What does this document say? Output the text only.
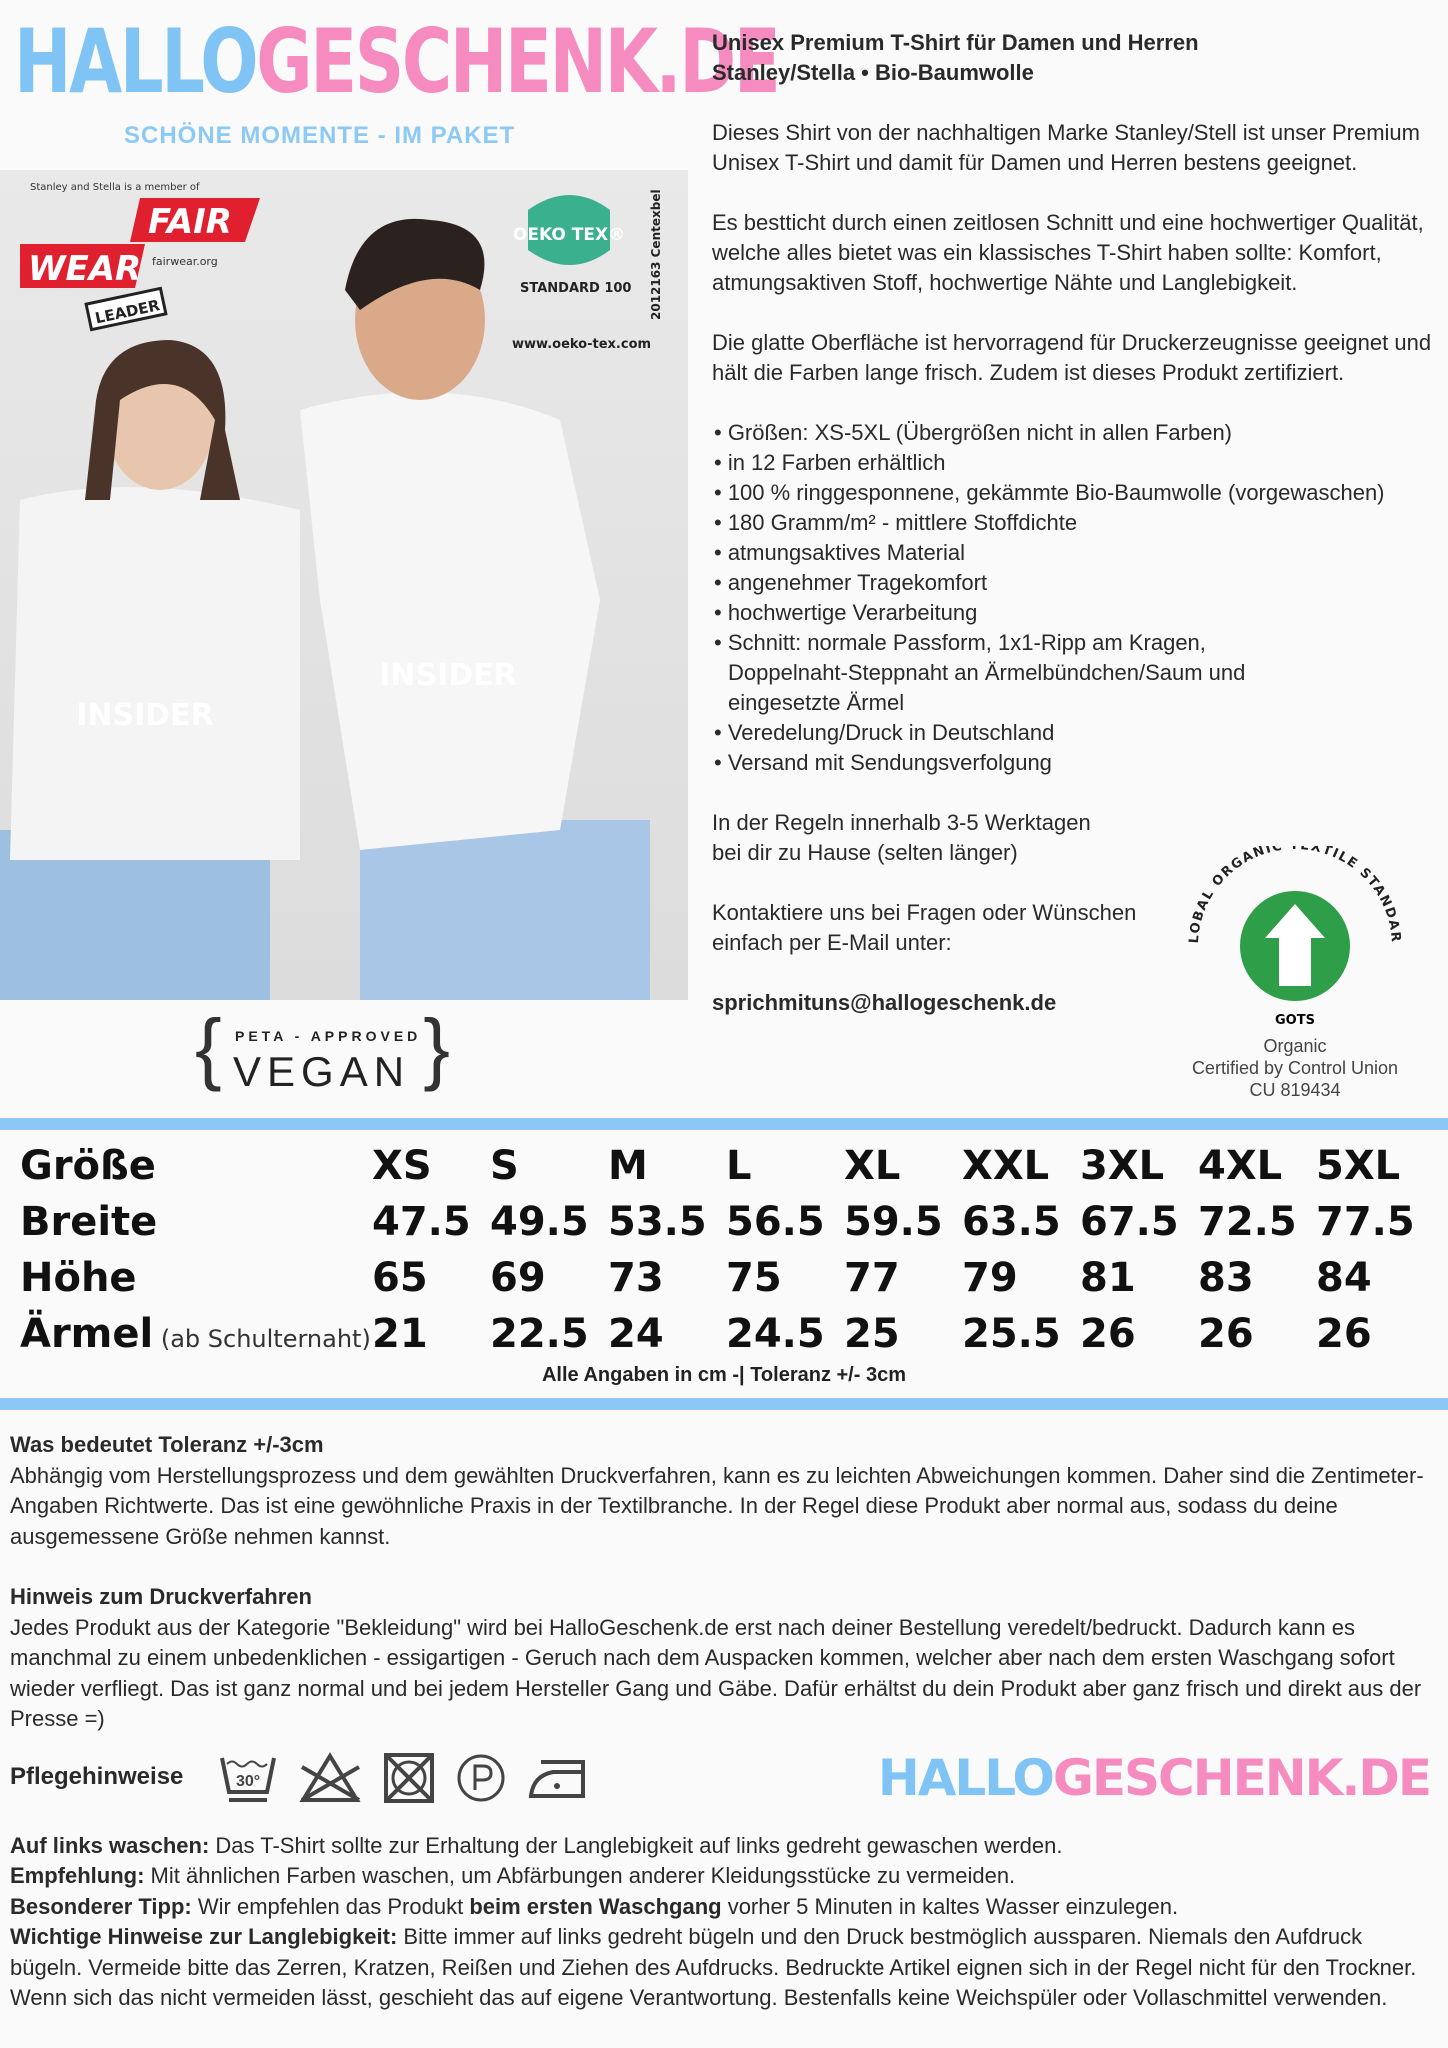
HALLOGESCHENK.DE
SCHÖNE MOMENTE - IM PAKET
INSIDER
INSIDER
Stanley and Stella is a member of
FAIR
WEAR fairwear.org
LEADER
OEKO TEX®
STANDARD 100 2012163 Centexbel
www.oeko-tex.com
{	}
PETA - APPROVED
VEGAN
Unisex Premium T-Shirt für Damen und Herren
Stanley/Stella • Bio-Baumwolle

Dieses Shirt von der nachhaltigen Marke Stanley/Stell ist unser Premium Unisex T-Shirt und damit für Damen und Herren bestens geeignet.

Es bestticht durch einen zeitlosen Schnitt und eine hochwertiger Qualität, welche alles bietet was ein klassisches T-Shirt haben sollte: Komfort, atmungsaktiven Stoff, hochwertige Nähte und Langlebigkeit.

Die glatte Oberfläche ist hervorragend für Druckerzeugnisse geeignet und hält die Farben lange frisch. Zudem ist dieses Produkt zertifiziert.

• Größen: XS-5XL (Übergrößen nicht in allen Farben)
• in 12 Farben erhältlich
• 100 % ringgesponnene, gekämmte Bio-Baumwolle (vorgewaschen)
• 180 Gramm/m² - mittlere Stoffdichte
• atmungsaktives Material
• angenehmer Tragekomfort
• hochwertige Verarbeitung
• Schnitt: normale Passform, 1x1-Ripp am Kragen, Doppelnaht-Steppnaht an Ärmelbündchen/Saum und eingesetzte Ärmel
• Veredelung/Druck in Deutschland
• Versand mit Sendungsverfolgung
In der Regeln innerhalb 3-5 Werktagen
bei dir zu Hause (selten länger)
Kontaktiere uns bei Fragen oder Wünschen
einfach per E-Mail unter:
sprichmituns@hallogeschenk.de
LOBAL ORGANIC EXTILE STANDAR
GOTS
Organic
Certified by Control Union
CU 819434
Größe	XS	S	M	L	XL	XXL 3XL 4XL 5XL
Breite	47.5 49.5 53.5 56.5 59.5 63.5 67.5 72.5 77.5
Höhe	65	69	73	75	77	79	81	83	84
Ärmel (ab Schulternaht) 21	22.5 24	24.5 25	25.5 26	26	26
Alle Angaben in cm -| Toleranz +/- 3cm
Was bedeutet Toleranz +/-3cm
Abhängig vom Herstellungsprozess und dem gewählten Druckverfahren, kann es zu leichten Abweichungen kommen. Daher sind die Zentimeter-Angaben Richtwerte. Das ist eine gewöhnliche Praxis in der Textilbranche. In der Regel diese Produkt aber normal aus, sodass du deine ausgemessene Größe nehmen kannst.
Hinweis zum Druckverfahren
Jedes Produkt aus der Kategorie "Bekleidung" wird bei HalloGeschenk.de erst nach deiner Bestellung veredelt/bedruckt. Dadurch kann es manchmal zu einem unbedenklichen - essigartigen - Geruch nach dem Auspacken kommen, welcher aber nach dem ersten Waschgang sofort wieder verfliegt. Das ist ganz normal und bei jedem Hersteller Gang und Gäbe. Dafür erhältst du dein Produkt aber ganz frisch und direkt aus der Presse =)
Pflegehinweise	30°	HALLOGESCHENK.DE
Auf links waschen: Das T-Shirt sollte zur Erhaltung der Langlebigkeit auf links gedreht gewaschen werden.
Empfehlung: Mit ähnlichen Farben waschen, um Abfärbungen anderer Kleidungsstücke zu vermeiden.
Besonderer Tipp: Wir empfehlen das Produkt beim ersten Waschgang vorher 5 Minuten in kaltes Wasser einzulegen.
Wichtige Hinweise zur Langlebigkeit: Bitte immer auf links gedreht bügeln und den Druck bestmöglich aussparen. Niemals den Aufdruck bügeln. Vermeide bitte das Zerren, Kratzen, Reißen und Ziehen des Aufdrucks. Bedruckte Artikel eignen sich in der Regel nicht für den Trockner. Wenn sich das nicht vermeiden lässt, geschieht das auf eigene Verantwortung. Bestenfalls keine Weichspüler oder Vollaschmittel verwenden.
